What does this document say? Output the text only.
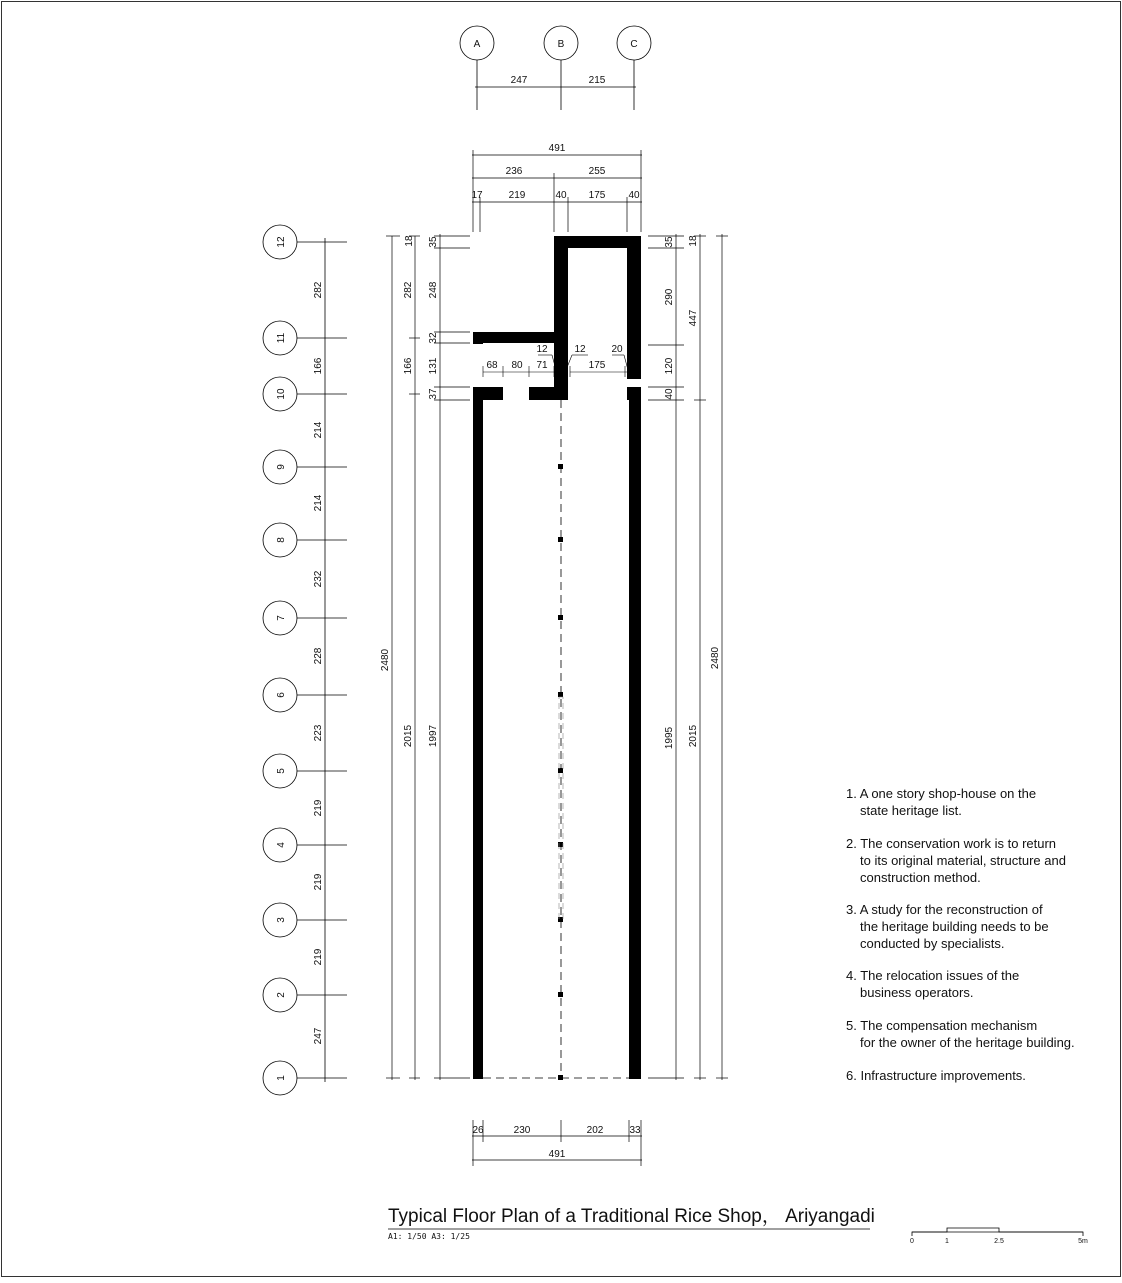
A	B	C
247	215
491
236	255
17	219	40 175 40
12
11
10
9
8
7
6
5
4
3
2
1
282
166
214
214
232
228
223
219
219
219
247
2480
282
166
2015
18 35
248
32
131
37
1997
35
290
120
40
1995
18
447
2015
2480
68 80 71
12	12
175
20
26	230	202	33
491
0	1	2.5	5m

1. A one story shop-house on the

state heritage list.

2. The conservation work is to return

to its original material, structure and

construction method.

3. A study for the reconstruction of

the heritage building needs to be

conducted by specialists.

4. The relocation issues of the

business operators.

5. The compensation mechanism

for the owner of the heritage building.

6. Infrastructure improvements.

Typical Floor Plan of a Traditional Rice Shop， Ariyangadi
A1: 1/50 A3: 1/25
